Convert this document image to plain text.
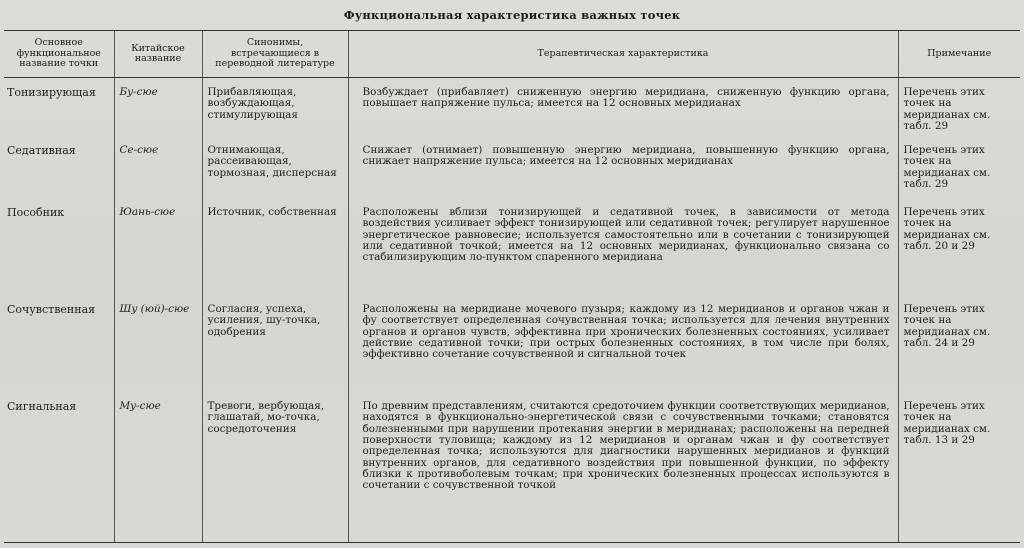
Функциональная характеристика важных точек
Основное функциональное название точки	Китайское название	Синонимы, встречающиеся в переводной литературе	Терапевтическая характеристика	Примечание
Тонизирующая	Бу-сюе	Прибавляющая, возбуждающая, стимулирующая	Возбуждает (прибавляет) сниженную энергию меридиана, сниженную функцию органа, повышает напряжение пульса; имеется на 12 основных меридианах	Перечень этих точек на меридианах см. табл. 29
Седативная	Се-сюе	Отнимающая, рассеивающая, тормозная, дисперсная	Снижает (отнимает) повышенную энергию меридиана, повышенную функцию органа, снижает напряжение пульса; имеется на 12 основных меридианах	Перечень этих точек на меридианах см. табл. 29
Пособник	Юань-сюе	Источник, собственная	Расположены вблизи тонизирующей и седативной точек, в зависимости от метода воздействия усиливает эффект тонизирующей или седативной точек; регулирует нарушенное энергетическое равновесие; используется самостоятельно или в сочетании с тонизирующей или седативной точкой; имеется на 12 основных меридианах, функционально связана со стабилизирующим ло-пунктом спаренного меридиана	Перечень этих точек на меридианах см. табл. 20 и 29
Сочувственная	Шу (юй)-сюе	Согласия, успеха, усиления, шу-точка, одобрения	Расположены на меридиане мочевого пузыря; каждому из 12 меридианов и органов чжан и фу соответствует определенная сочувственная точка; используется для лечения внутренних органов и органов чувств, эффективна при хронических болезненных состояниях, усиливает действие седативной точки; при острых болезненных состояниях, в том числе при болях, эффективно сочетание сочувственной и сигнальной точек	Перечень этих точек на меридианах см. табл. 24 и 29
Сигнальная	Му-сюе	Тревоги, вербующая, глашатай, мо-точка, сосредоточения	По древним представлениям, считаются средоточием функции соответствующих меридианов, находятся в функционально-энергетической связи с сочувственными точками; становятся болезненными при нарушении протекания энергии в меридианах; расположены на передней поверхности туловища; каждому из 12 меридианов и органам чжан и фу соответствует определенная точка; используются для диагностики нарушенных меридианов и функций внутренних органов, для седативного воздействия при повышенной функции, по эффекту близки к противоболевым точкам; при хронических болезненных процессах используются в сочетании с сочувственной точкой	Перечень этих точек на меридианах см. табл. 13 и 29
